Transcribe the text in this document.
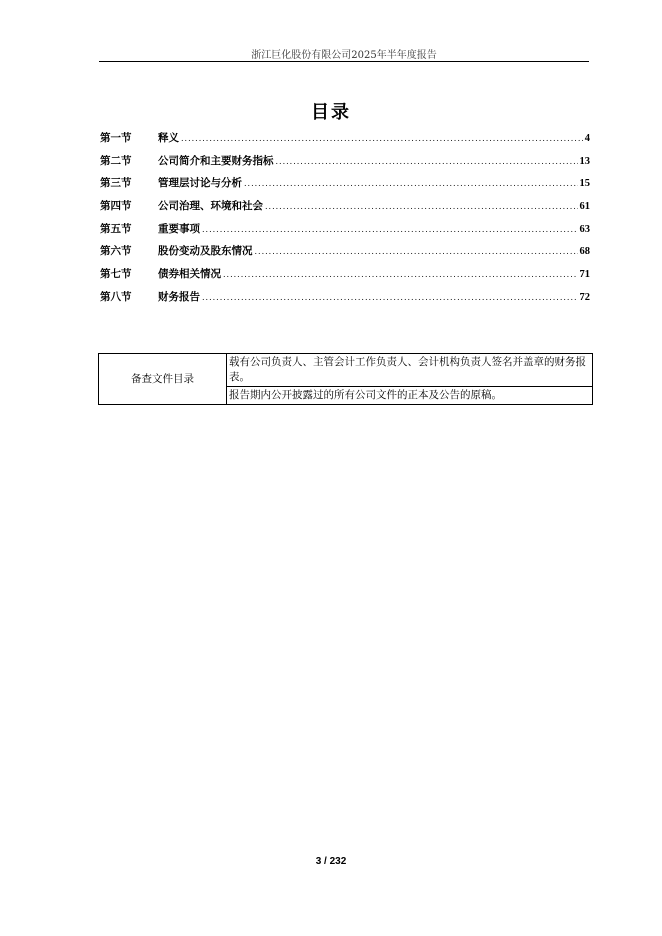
浙江巨化股份有限公司2025年半年度报告
目录
第一节	释义 .....	4
第二节	公司简介和主要财务指标 .....	13
第三节	管理层讨论与分析 .....	15
第四节	公司治理、环境和社会 .....	61
第五节	重要事项 .....	63
第六节	股份变动及股东情况 .....	68
第七节	债券相关情况 .....	71
第八节	财务报告 .....	72
备查文件目录	载有公司负责人、主管会计工作负责人、会计机构负责人签名并盖章的财务报表。
报告期内公开披露过的所有公司文件的正本及公告的原稿。
3 / 232
